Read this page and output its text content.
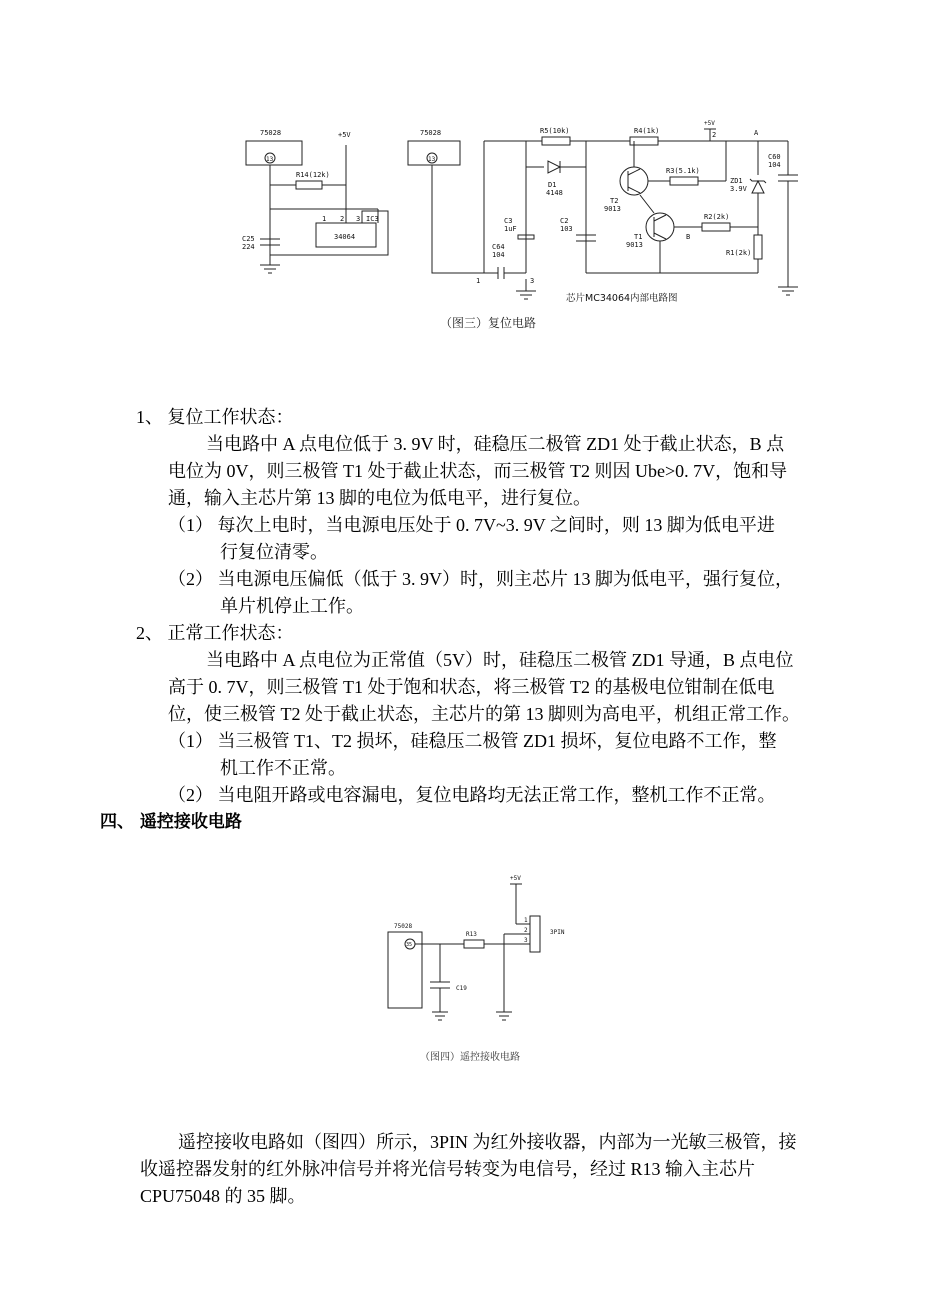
75028
13
+5V
R14(12k)
1 2 3 IC3
34064
C25
224
75028
13
R5(10k)	R4(1k)
+5V
2	A
C60
104
D1
4148
T2
9013
R3(5.1k)
ZD1
3.9V
C3
1uF
C2
103
T1
9013
R2(2k)
B
C64
104	R1(2k)
1	3
芯片MC34064内部电路图
（图三）复位电路
1、 复位工作状态：
当电路中 A 点电位低于 3. 9V 时，硅稳压二极管 ZD1 处于截止状态，B 点
电位为 0V，则三极管 T1 处于截止状态，而三极管 T2 则因 Ube>0. 7V，饱和导
通，输入主芯片第 13 脚的电位为低电平，进行复位。
（1） 每次上电时，当电源电压处于 0. 7V~3. 9V 之间时，则 13 脚为低电平进
行复位清零。
（2） 当电源电压偏低（低于 3. 9V）时，则主芯片 13 脚为低电平，强行复位，
单片机停止工作。
2、 正常工作状态：
当电路中 A 点电位为正常值（5V）时，硅稳压二极管 ZD1 导通，B 点电位
高于 0. 7V，则三极管 T1 处于饱和状态，将三极管 T2 的基极电位钳制在低电
位，使三极管 T2 处于截止状态，主芯片的第 13 脚则为高电平，机组正常工作。
（1） 当三极管 T1、T2 损坏，硅稳压二极管 ZD1 损坏，复位电路不工作，整
机工作不正常。
（2） 当电阻开路或电容漏电，复位电路均无法正常工作，整机工作不正常。
四、 遥控接收电路
75028
35
+5V
R13
1
2
3
3PIN
C19
（图四）遥控接收电路
遥控接收电路如（图四）所示，3PIN 为红外接收器，内部为一光敏三极管，接
收遥控器发射的红外脉冲信号并将光信号转变为电信号，经过 R13 输入主芯片
CPU75048 的 35 脚。
